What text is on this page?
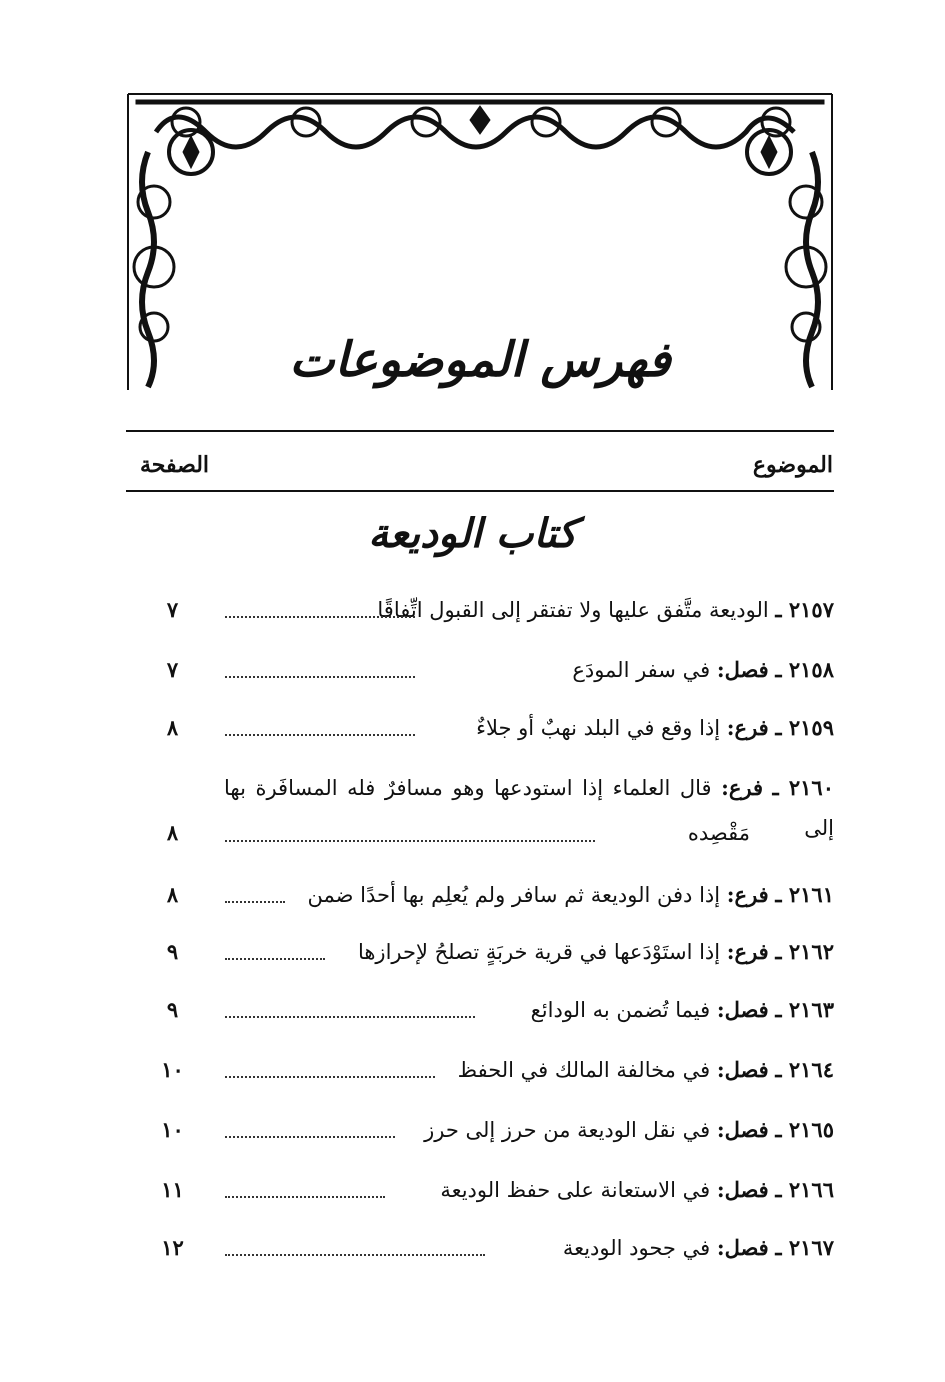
فهرس الموضوعات
الموضوع
الصفحة
كتاب الوديعة
٢١٥٧ ـ الوديعة متَّفق عليها ولا تفتقر إلى القبول اتِّفاقًا
٧
٢١٥٨ ـ فصل: في سفر المودَع
٧
٢١٥٩ ـ فرع: إذا وقع في البلد نهبٌ أو جلاءٌ
٨
٢١٦٠ ـ فرع: قال العلماء إذا استودعها وهو مسافرٌ فله المسافَرة بها إلى
مَقْصِده
٨
٢١٦١ ـ فرع: إذا دفن الوديعة ثم سافر ولم يُعلِم بها أحدًا ضمن
٨
٢١٦٢ ـ فرع: إذا استَوْدَعها في قرية خربَةٍ تصلحُ لإحرازها
٩
٢١٦٣ ـ فصل: فيما تُضمن به الودائع
٩
٢١٦٤ ـ فصل: في مخالفة المالك في الحفظ
١٠
٢١٦٥ ـ فصل: في نقل الوديعة من حرز إلى حرز
١٠
٢١٦٦ ـ فصل: في الاستعانة على حفظ الوديعة
١١
٢١٦٧ ـ فصل: في جحود الوديعة
١٢
